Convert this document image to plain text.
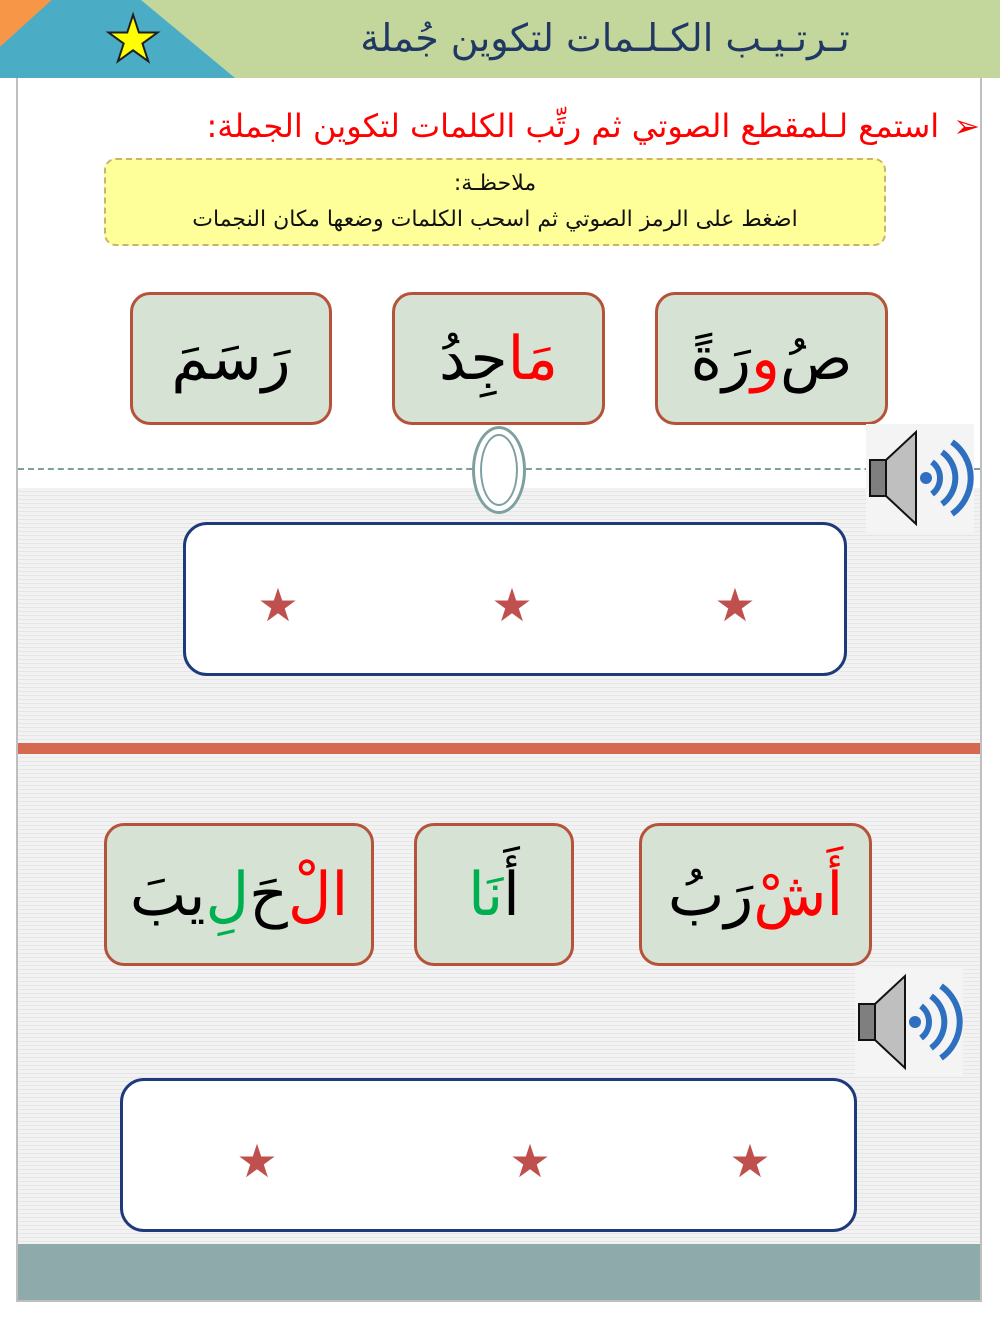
★	تـرتـيـب الكـلـمات لتكوين جُملة
➢استمع لـلمقطع الصوتي ثم رتِّب الكلمات لتكوين الجملة:
ملاحظـة:
اضغط على الرمز الصوتي ثم اسحب الكلمات وضعها مكان النجمات
صُ
و
رَةً
مَا
جِدُ
رَسَمَ
★
★
★
أَ
شْ
رَبُ
أَ
نَا
الْ
حَ
لِ
يبَ
★
★
★
